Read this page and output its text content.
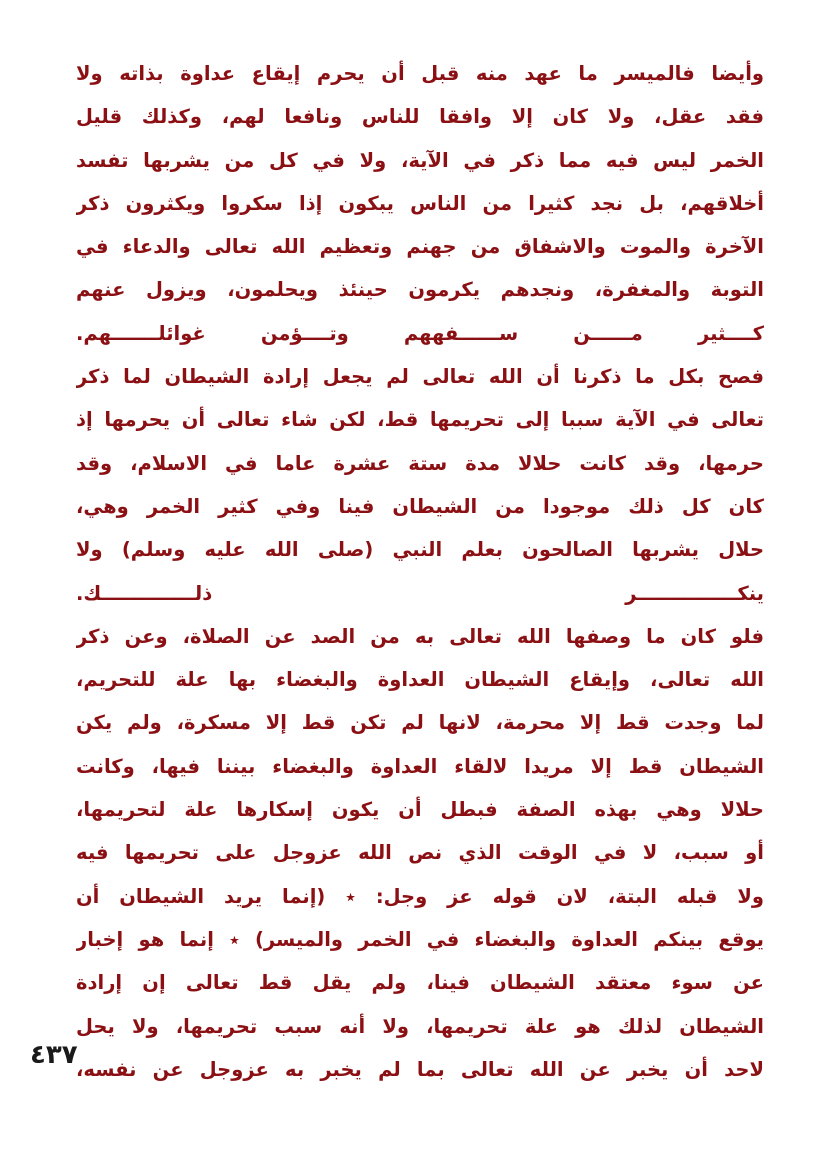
وأيضا فالميسر ما عهد منه قبل أن يحرم إيقاع عداوة بذاته ولا
فقد عقل، ولا كان إلا وافقا للناس ونافعا لهم، وكذلك قليل
الخمر ليس فيه مما ذكر في الآية، ولا في كل من يشربها تفسد
أخلاقهم، بل نجد كثيرا من الناس يبكون إذا سكروا ويكثرون ذكر
الآخرة والموت والاشفاق من جهنم وتعظيم الله تعالى والدعاء في
التوبة والمغفرة، ونجدهم يكرمون حينئذ ويحلمون، ويزول عنهم
كــــثير مــــــن ســــــفههم وتــــؤمن غوائلـــــــهم.
فصح بكل ما ذكرنا أن الله تعالى لم يجعل إرادة الشيطان لما ذكر
تعالى في الآية سببا إلى تحريمها قط، لكن شاء تعالى أن يحرمها إذ
حرمها، وقد كانت حلالا مدة ستة عشرة عاما في الاسلام، وقد
كان كل ذلك موجودا من الشيطان فينا وفي كثير الخمر وهي،
حلال يشربها الصالحون بعلم النبي (صلى الله عليه وسلم) ولا
ينكـــــــــــــــر ذلــــــــــــــك.
فلو كان ما وصفها الله تعالى به من الصد عن الصلاة، وعن ذكر
الله تعالى، وإيقاع الشيطان العداوة والبغضاء بها علة للتحريم،
لما وجدت قط إلا محرمة، لانها لم تكن قط إلا مسكرة، ولم يكن
الشيطان قط إلا مريدا لالقاء العداوة والبغضاء بيننا فيها، وكانت
حلالا وهي بهذه الصفة فبطل أن يكون إسكارها علة لتحريمها،
أو سبب، لا في الوقت الذي نص الله عزوجل على تحريمها فيه
ولا قبله البتة، لان قوله عز وجل: ٭ (إنما يريد الشيطان أن
يوقع بينكم العداوة والبغضاء في الخمر والميسر) ٭ إنما هو إخبار
عن سوء معتقد الشيطان فينا، ولم يقل قط تعالى إن إرادة
الشيطان لذلك هو علة تحريمها، ولا أنه سبب تحريمها، ولا يحل
لاحد أن يخبر عن الله تعالى بما لم يخبر به عزوجل عن نفسه،
٤٣٧
